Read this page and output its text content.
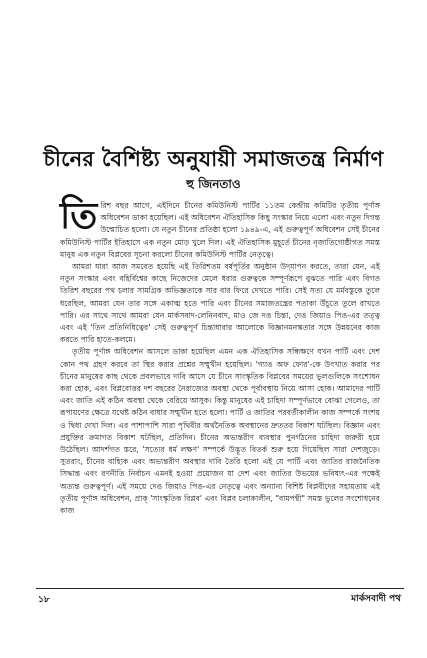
চীনের বৈশিষ্ট্য অনুযায়ী সমাজতন্ত্র নির্মাণ
হু জিনতাও

তিরিশ বছর আগে, এইদিনে চীনের কমিউনিস্ট পার্টির ১১তম কেন্দ্রীয় কমিটির তৃতীয় পূর্ণাঙ্গ অধিবেশন ডাকা হয়েছিল। এই অধিবেশন ঐতিহাসিক কিছু সংস্কার নিয়ে এলো এবং নতুন দিগন্ত উন্মোচিত হলো। যে নতুন চীনের প্রতিষ্ঠা হলো ১৯৪৯-এ, এই গুরুত্বপূর্ণ অধিবেশন সেই চীনের কমিউনিস্ট পার্টির ইতিহাসে এক নতুন মোড় খুলে দিল। এই ঐতিহাসিক মুহূর্তে চীনের নৃজাতিগোষ্ঠীগত সমস্ত মানুষ এক নতুন বিপ্লবের সূচনা করলো চীনের কমিউনিস্ট পার্টির নেতৃত্বে।

আমরা যারা আজ সমবেত হয়েছি এই তিরিশতম বর্ষপূর্তির অনুষ্ঠান উদ্‌যাপন করতে, তারা যেন, এই নতুন সংস্কার এবং বহির্বিশ্বের কাছে নিজেদের মেলে ধরার গুরুত্বকে সম্পূর্ণরূপে বুঝতে পারি এবং বিগত তিরিশ বছরের পথ চলার সামগ্রিক অভিজ্ঞতাকে সার বার ফিরে দেখতে পারি। সেই সত্য যে মর্মবস্তুকে তুলে ধরেছিল, আমরা যেন তার সঙ্গে একাত্ম হতে পারি এবং চীনের সমাজতন্ত্রের পতাকা উঁচুতে তুলে রাখতে পারি। এর সাথে সাথে আমরা যেন মার্কসবাদ-লেনিনবাদ, মাও জে দঙ চিন্তা, দেঙ জিয়াও পিঙ-এর তত্ত্ব এবং এই 'তিন প্রতিনিধিত্বের' সেই গুরুত্বপূর্ণ চিন্তাধারার আলোকে বিজ্ঞানমনস্কতার সঙ্গে উন্নয়নের কাজ করতে পারি হাতে-কলমে।

তৃতীয় পূর্ণাঙ্গ অধিবেশন আসলে ডাকা হয়েছিল এমন এক ঐতিহাসিক সন্ধিক্ষণে যখন পার্টি এবং দেশ কোন পথ গ্রহণ করবে তা স্থির করার প্রশ্নের সম্মুখীন হয়েছিল। 'গ্যাঙ অফ ফোর'-কে উৎখাত করার পর চীনের মানুষের কাছ থেকে প্রবলভাবে দাবি আসে যে চীনে সাংস্কৃতিক বিপ্লবের সময়ের ভুলগুলিকে সংশোধন করা হোক, এবং বিপ্লবোত্তর দশ বছরের নৈরাজ্যের অবস্থা থেকে পূর্বাবস্থায় নিয়ে আসা হোক। আমাদের পার্টি এবং জাতি এই কঠিন অবস্থা থেকে বেরিয়ে আসুক। কিন্তু মানুষের এই চাহিদা সম্পূর্ণভাবে বোঝা গেলেও, তা রূপায়ণের ক্ষেত্রে যথেষ্ট কঠিন বাধার সম্মুখীন হতে হলো। পার্টি ও জাতির পরবর্তীকালীন কাজ সম্পর্কে সংশয় ও দ্বিধা দেখা দিল। এর পাশাপাশি সারা পৃথিবীর অর্থনৈতিক অবস্থানের দ্রুততর বিকাশ ঘটছিল। বিজ্ঞান এবং প্রযুক্তির ক্রমাগত বিকাশ ঘটছিল, প্রতিদিন। চীনের অভ্যন্তরীণ ব্যবস্থার পুনর্গঠনের চাহিদা জরুরী হয়ে উঠেছিল। আদর্শগত স্তরে, 'সত্যের ধর্ম লক্ষণ' সম্পর্কে উদ্ভূত বিতর্ক শুরু হয়ে গিয়েছিল সারা দেশজুড়ে। সুতরাং, চীনের বাহ্যিক এবং অভ্যন্তরীণ অবস্থার দাবি তৈরি হলো এই যে পার্টি এবং জাতির রাজনৈতিক সিদ্ধান্ত এবং রণনীতি নির্বাচন এমনই হওয়া প্রয়োজন যা দেশ এবং জাতির উভয়ের ভবিষ্যৎ-এর পক্ষেই অত্যন্ত গুরুত্বপূর্ণ। এই সময়ে দেঙ জিয়াও পিঙ-এর নেতৃত্বে এবং অন্যান্য বিশিষ্ট বিপ্লবীদের সহায়তায় এই তৃতীয় পূর্ণাঙ্গ অধিবেশন, প্রাক্‌ 'সাংস্কৃতিক বিপ্লব' এবং বিপ্লব চলাকালীন, "বামপন্থী" সমস্ত ভুলের সংশোধনের কাজ

১৮	মার্কসবাদী পথ
